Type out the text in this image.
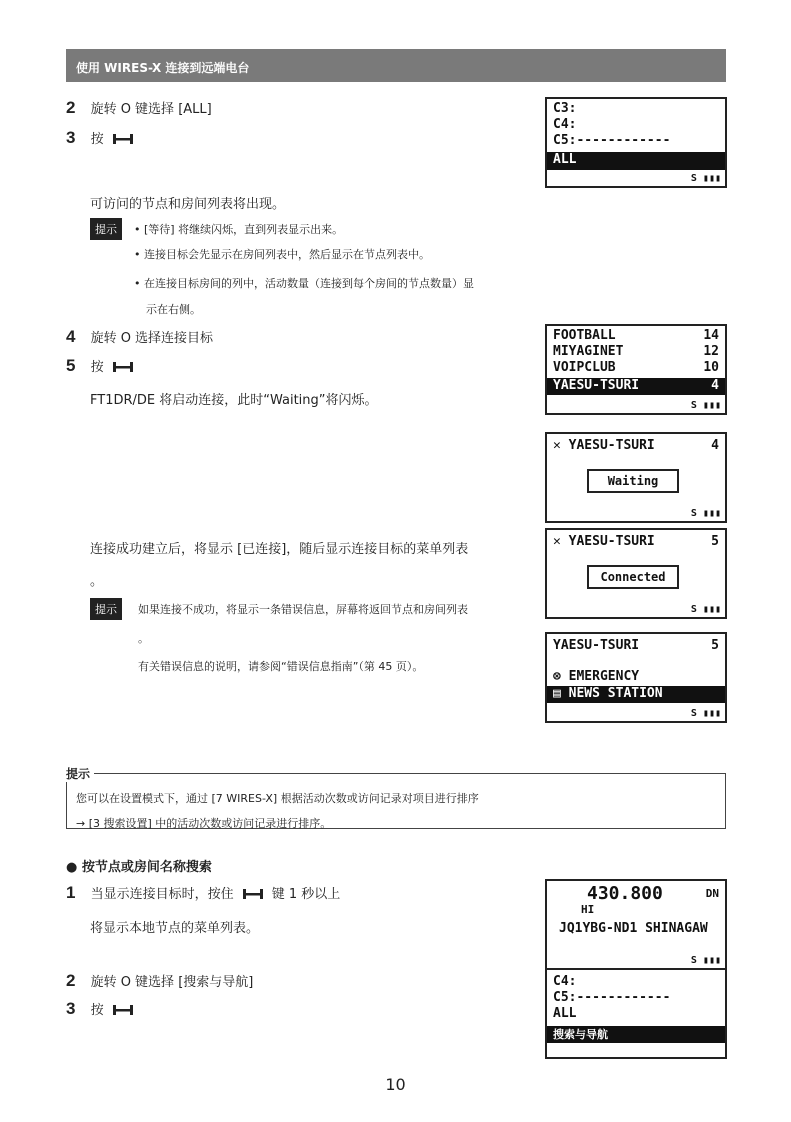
使用 WIRES-X 连接到远端电台
2 旋转 O 键选择 [ALL]
3 按
可访问的节点和房间列表将出现。
提示	• [等待] 将继续闪烁，直到列表显示出来。
• 连接目标会先显示在房间列表中，然后显示在节点列表中。
• 在连接目标房间的列中，活动数量（连接到每个房间的节点数量）显
示在右侧。
4 旋转 O 选择连接目标
5 按
FT1DR/DE 将启动连接，此时“Waiting”将闪烁。
连接成功建立后，将显示 [已连接]，随后显示连接目标的菜单列表
。
提示	如果连接不成功，将显示一条错误信息，屏幕将返回节点和房间列表
。
有关错误信息的说明，请参阅“错误信息指南”（第 45 页）。
提示
您可以在设置模式下，通过 [7 WIRES-X] 根据活动次数或访问记录对项目进行排序
→ [3 搜索设置] 中的活动次数或访问记录进行排序。
● 按节点或房间名称搜索
1 当显示连接目标时，按住	键 1 秒以上
将显示本地节点的菜单列表。
2 旋转 O 键选择 [搜索与导航]
3 按
C3:
C4:
C5:------------
ALL
S ▮▮▮
FOOTBALL	14
MIYAGINET	12
VOIPCLUB	10
YAESU-TSURI	4
S ▮▮▮
✕ YAESU-TSURI	4
Waiting
S ▮▮▮
✕ YAESU-TSURI	5
Connected
S ▮▮▮
YAESU-TSURI	5
⊗ EMERGENCY
▤ NEWS STATION
S ▮▮▮
430.800	DN
HI
JQ1YBG-ND1 SHINAGAW
S ▮▮▮
C4:
C5:------------
ALL
搜索与导航
10
